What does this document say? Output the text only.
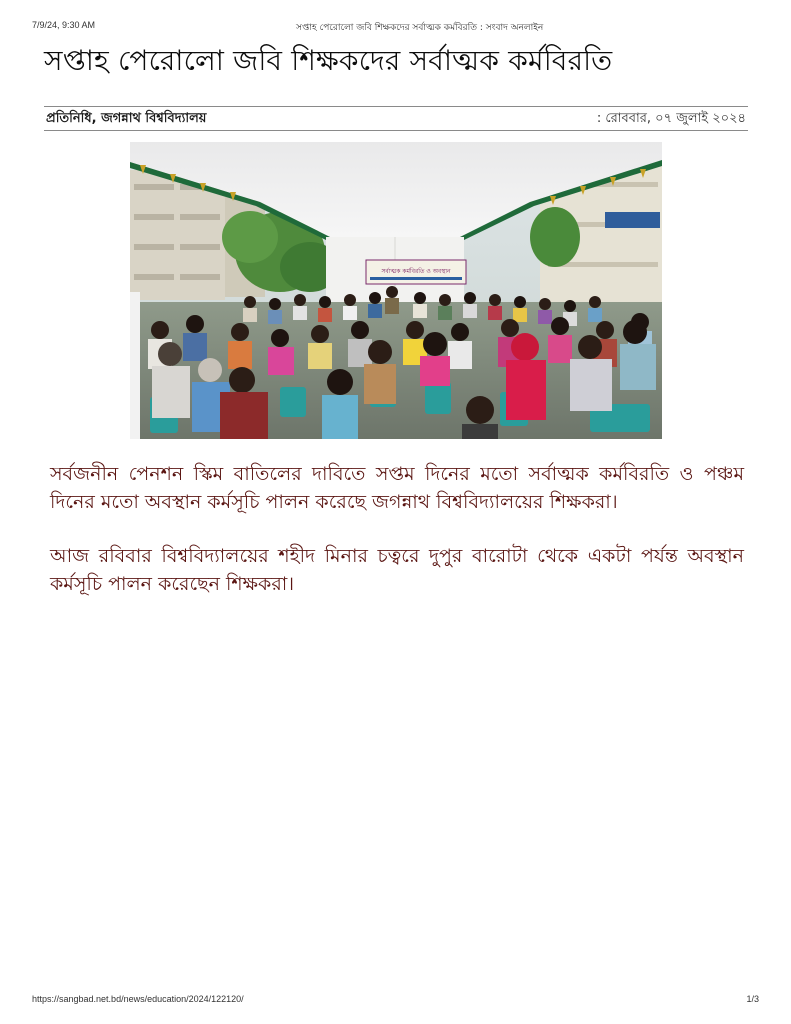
7/9/24, 9:30 AM	সপ্তাহ পেরোলো জবি শিক্ষকদের সর্বাত্মক কর্মবিরতি : সংবাদ অনলাইন
সপ্তাহ পেরোলো জবি শিক্ষকদের সর্বাত্মক কর্মবিরতি
প্রতিনিধি, জগন্নাথ বিশ্ববিদ্যালয়	: রোববার, ০৭ জুলাই ২০২৪
সর্বাত্মক কর্মবিরতি ও অবস্থান

সর্বজনীন পেনশন স্কিম বাতিলের দাবিতে সপ্তম দিনের মতো সর্বাত্মক কর্মবিরতি ও পঞ্চম দিনের মতো অবস্থান কর্মসূচি পালন করেছে জগন্নাথ বিশ্ববিদ্যালয়ের শিক্ষকরা।

আজ রবিবার বিশ্ববিদ্যালয়ের শহীদ মিনার চত্বরে দুপুর বারোটা থেকে একটা পর্যন্ত অবস্থান কর্মসূচি পালন করেছেন শিক্ষকরা।

https://sangbad.net.bd/news/education/2024/122120/	1/3
